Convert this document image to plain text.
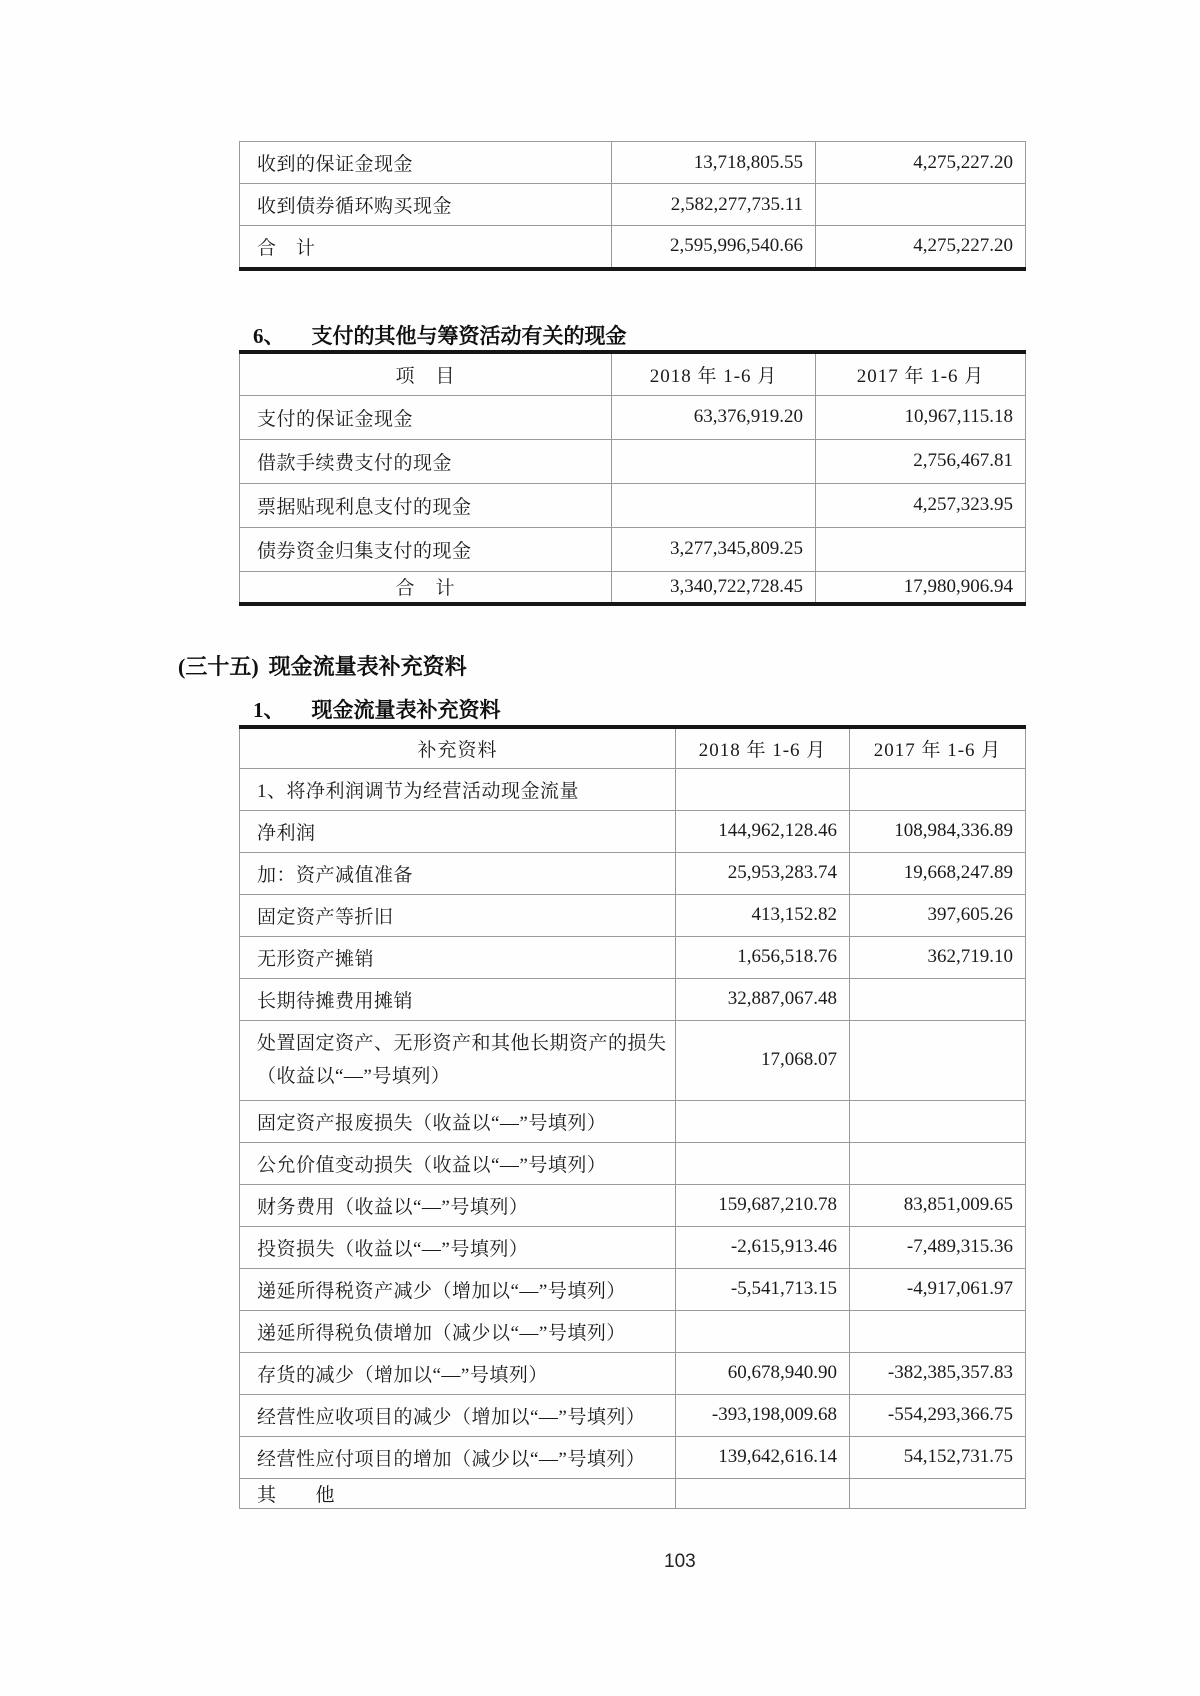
收到的保证金现金	13,718,805.55	4,275,227.20
收到债券循环购买现金	2,582,277,735.11	
合　计	2,595,996,540.66	4,275,227.20
6、 支付的其他与筹资活动有关的现金
项　目	2018 年 1-6 月	2017 年 1-6 月
支付的保证金现金	63,376,919.20	10,967,115.18
借款手续费支付的现金		2,756,467.81
票据贴现利息支付的现金		4,257,323.95
债券资金归集支付的现金	3,277,345,809.25	
合　计	3,340,722,728.45	17,980,906.94
(三十五) 现金流量表补充资料
1、 现金流量表补充资料
补充资料	2018 年 1-6 月	2017 年 1-6 月
1、将净利润调节为经营活动现金流量		
净利润	144,962,128.46	108,984,336.89
加：资产减值准备	25,953,283.74	19,668,247.89
固定资产等折旧	413,152.82	397,605.26
无形资产摊销	1,656,518.76	362,719.10
长期待摊费用摊销	32,887,067.48	

处置固定资产、无形资产和其他长期资产的损失
（收益以“—”号填列）	17,068.07	
固定资产报废损失（收益以“—”号填列）		
公允价值变动损失（收益以“—”号填列）		
财务费用（收益以“—”号填列）	159,687,210.78	83,851,009.65
投资损失（收益以“—”号填列）	-2,615,913.46	-7,489,315.36
递延所得税资产减少（增加以“—”号填列）	-5,541,713.15	-4,917,061.97
递延所得税负债增加（减少以“—”号填列）		
存货的减少（增加以“—”号填列）	60,678,940.90	-382,385,357.83
经营性应收项目的减少（增加以“—”号填列）	-393,198,009.68	-554,293,366.75
经营性应付项目的增加（减少以“—”号填列）	139,642,616.14	54,152,731.75
其　　他		
103
